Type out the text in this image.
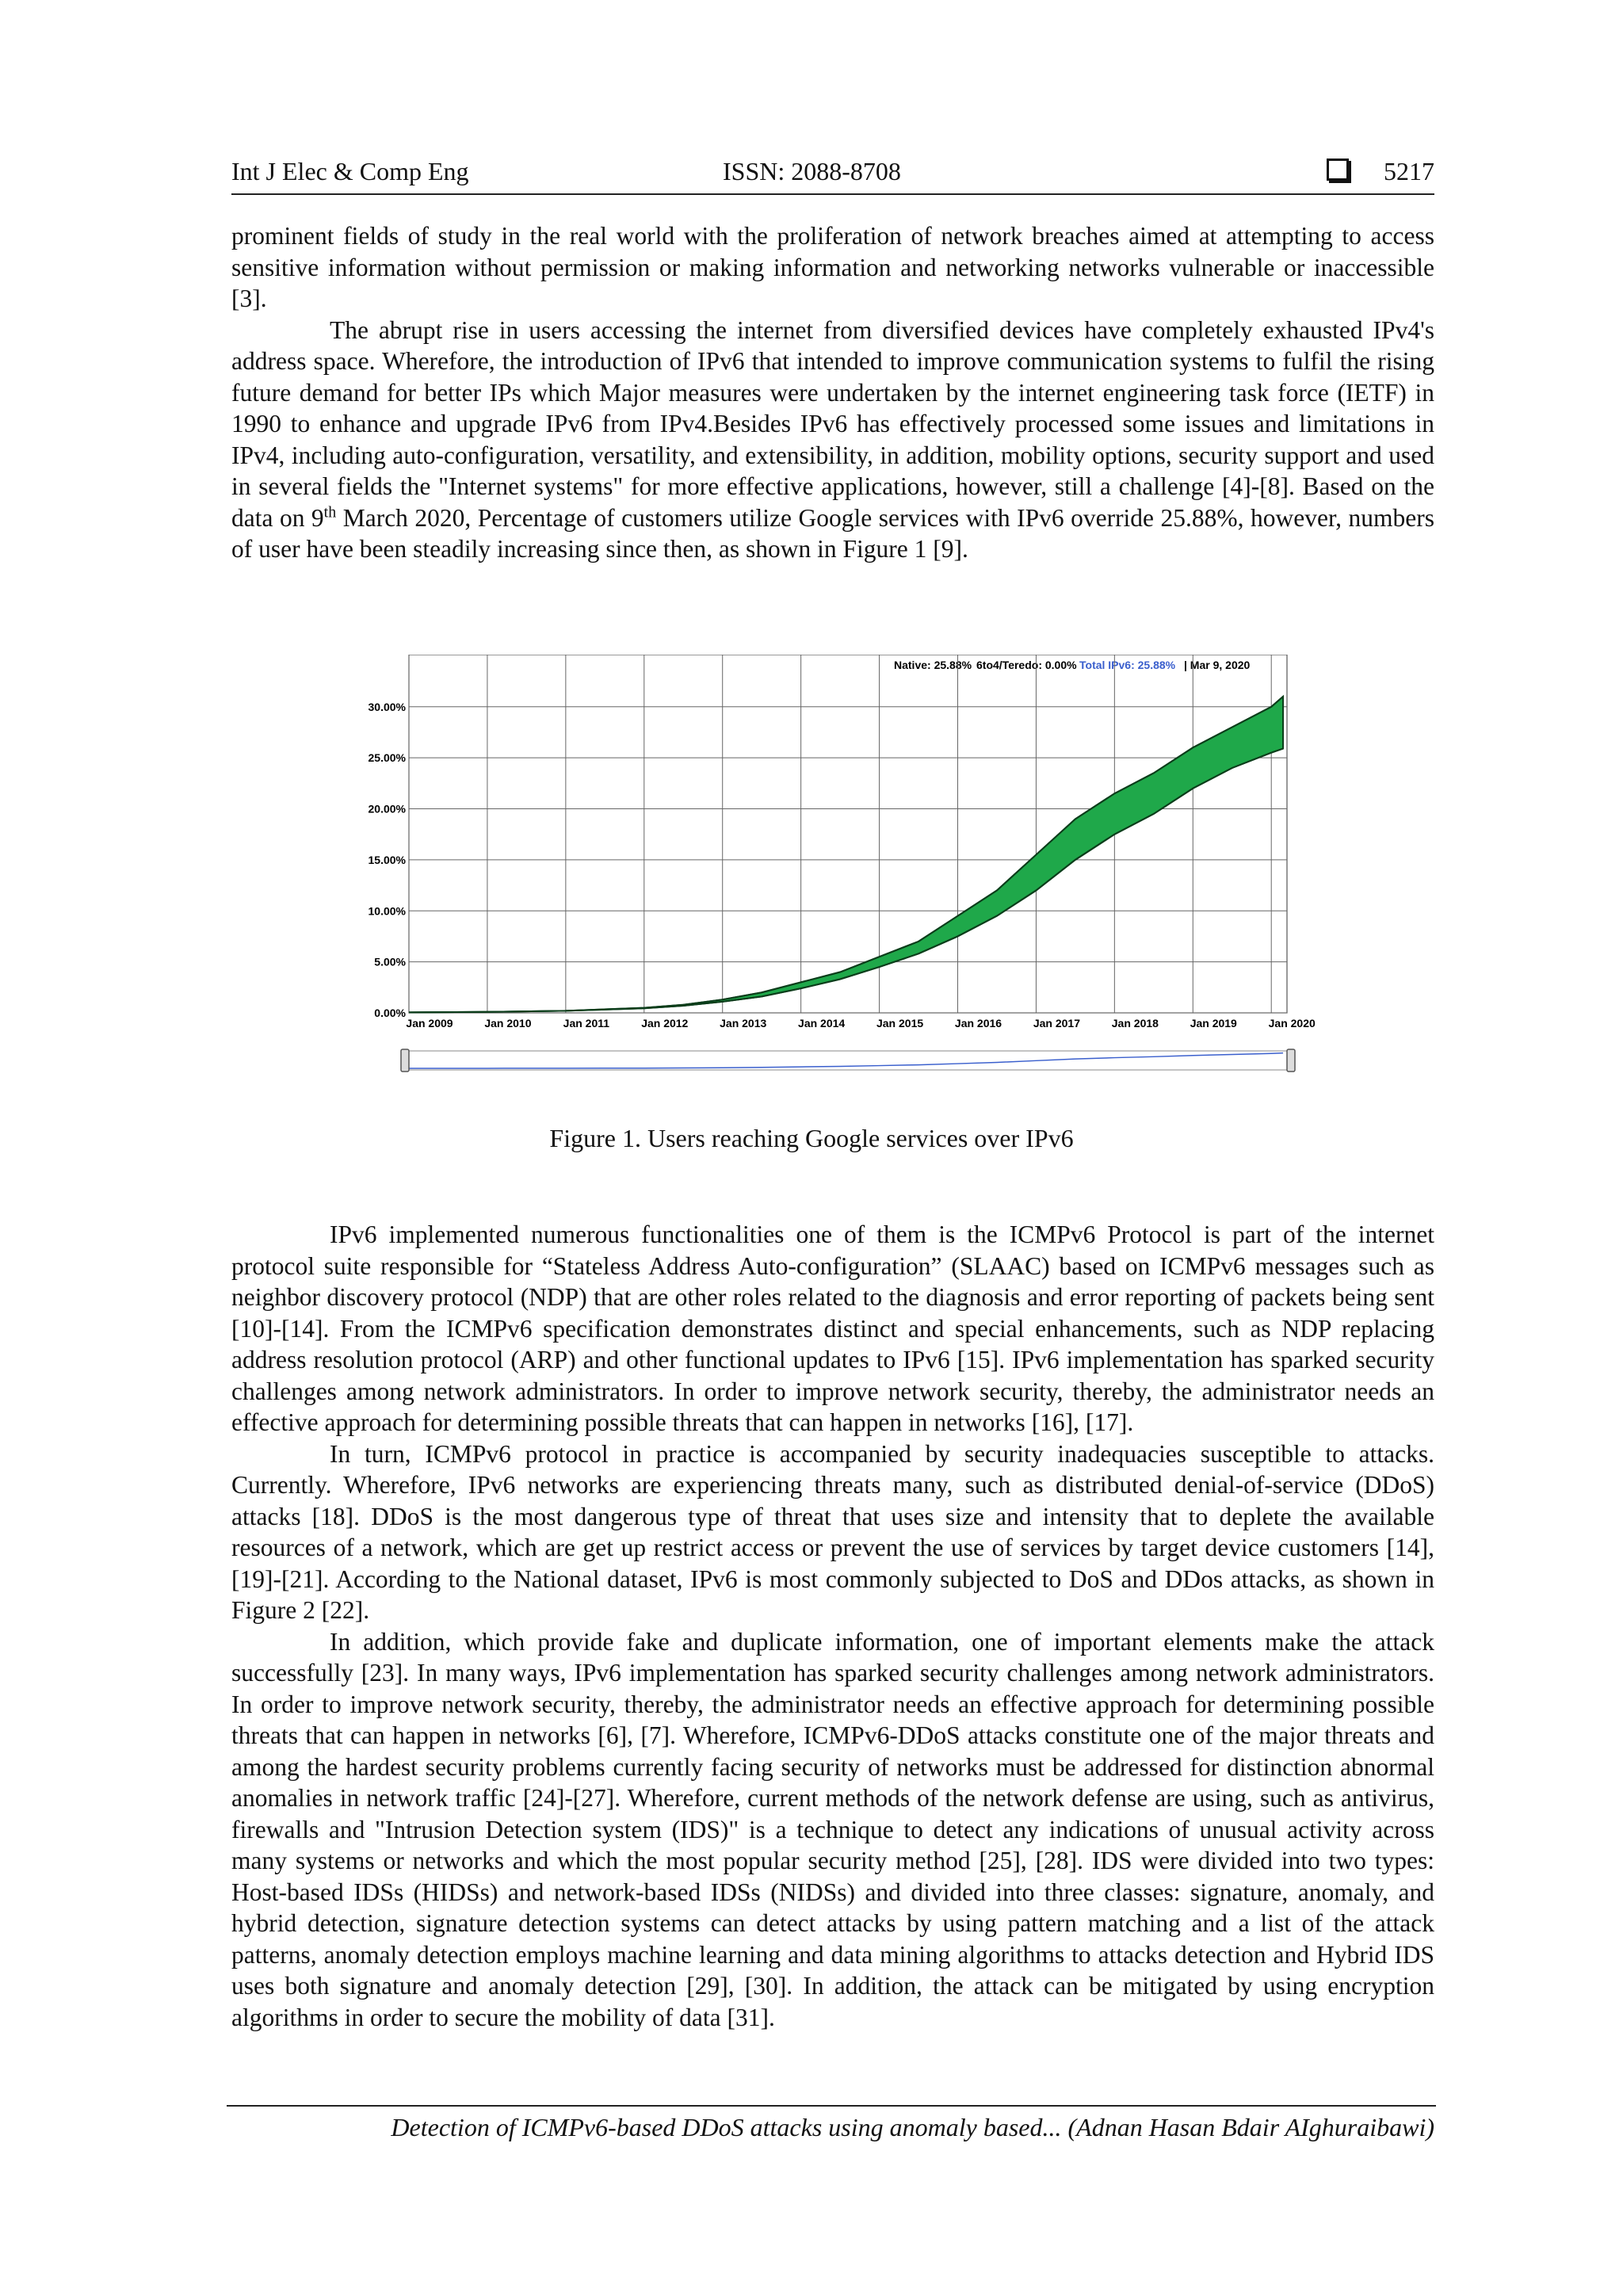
Int J Elec & Comp Eng	ISSN: 2088-8708	5217

prominent fields of study in the real world with the proliferation of network breaches aimed at attempting to access sensitive information without permission or making information and networking networks vulnerable or inaccessible [3].

The abrupt rise in users accessing the internet from diversified devices have completely exhausted IPv4's address space. Wherefore, the introduction of IPv6 that intended to improve communication systems to fulfil the rising future demand for better IPs which Major measures were undertaken by the internet engineering task force (IETF) in 1990 to enhance and upgrade IPv6 from IPv4.Besides IPv6 has effectively processed some issues and limitations in IPv4, including auto-configuration, versatility, and extensibility, in addition, mobility options, security support and used in several fields the "Internet systems" for more effective applications, however, still a challenge [4]-[8]. Based on the data on 9th March 2020, Percentage of customers utilize Google services with IPv6 override 25.88%, however, numbers of user have been steadily increasing since then, as shown in Figure 1 [9].

Native: 25.88% 6to4/Teredo: 0.00% Total IPv6: 25.88% | Mar 9, 2020
0.00%
5.00%
10.00%
15.00%
20.00%
25.00%
30.00%
Jan 2009	Jan 2010	Jan 2011	Jan 2012	Jan 2013	Jan 2014	Jan 2015	Jan 2016	Jan 2017	Jan 2018	Jan 2019	Jan 2020
Figure 1. Users reaching Google services over IPv6

IPv6 implemented numerous functionalities one of them is the ICMPv6 Protocol is part of the internet protocol suite responsible for “Stateless Address Auto-configuration” (SLAAC) based on ICMPv6 messages such as neighbor discovery protocol (NDP) that are other roles related to the diagnosis and error reporting of packets being sent [10]-[14]. From the ICMPv6 specification demonstrates distinct and special enhancements, such as NDP replacing address resolution protocol (ARP) and other functional updates to IPv6 [15]. IPv6 implementation has sparked security challenges among network administrators. In order to improve network security, thereby, the administrator needs an effective approach for determining possible threats that can happen in networks [16], [17].

In turn, ICMPv6 protocol in practice is accompanied by security inadequacies susceptible to attacks. Currently. Wherefore, IPv6 networks are experiencing threats many, such as distributed denial-of-service (DDoS) attacks [18]. DDoS is the most dangerous type of threat that uses size and intensity that to deplete the available resources of a network, which are get up restrict access or prevent the use of services by target device customers [14], [19]-[21]. According to the National dataset, IPv6 is most commonly subjected to DoS and DDos attacks, as shown in Figure 2 [22].

In addition, which provide fake and duplicate information, one of important elements make the attack successfully [23]. In many ways, IPv6 implementation has sparked security challenges among network administrators. In order to improve network security, thereby, the administrator needs an effective approach for determining possible threats that can happen in networks [6], [7]. Wherefore, ICMPv6-DDoS attacks constitute one of the major threats and among the hardest security problems currently facing security of networks must be addressed for distinction abnormal anomalies in network traffic [24]-[27]. Wherefore, current methods of the network defense are using, such as antivirus, firewalls and "Intrusion Detection system (IDS)" is a technique to detect any indications of unusual activity across many systems or networks and which the most popular security method [25], [28]. IDS were divided into two types: Host-based IDSs (HIDSs) and network-based IDSs (NIDSs) and divided into three classes: signature, anomaly, and hybrid detection, signature detection systems can detect attacks by using pattern matching and a list of the attack patterns, anomaly detection employs machine learning and data mining algorithms to attacks detection and Hybrid IDS uses both signature and anomaly detection [29], [30]. In addition, the attack can be mitigated by using encryption algorithms in order to secure the mobility of data [31].

Detection of ICMPv6-based DDoS attacks using anomaly based... (Adnan Hasan Bdair AIghuraibawi)
